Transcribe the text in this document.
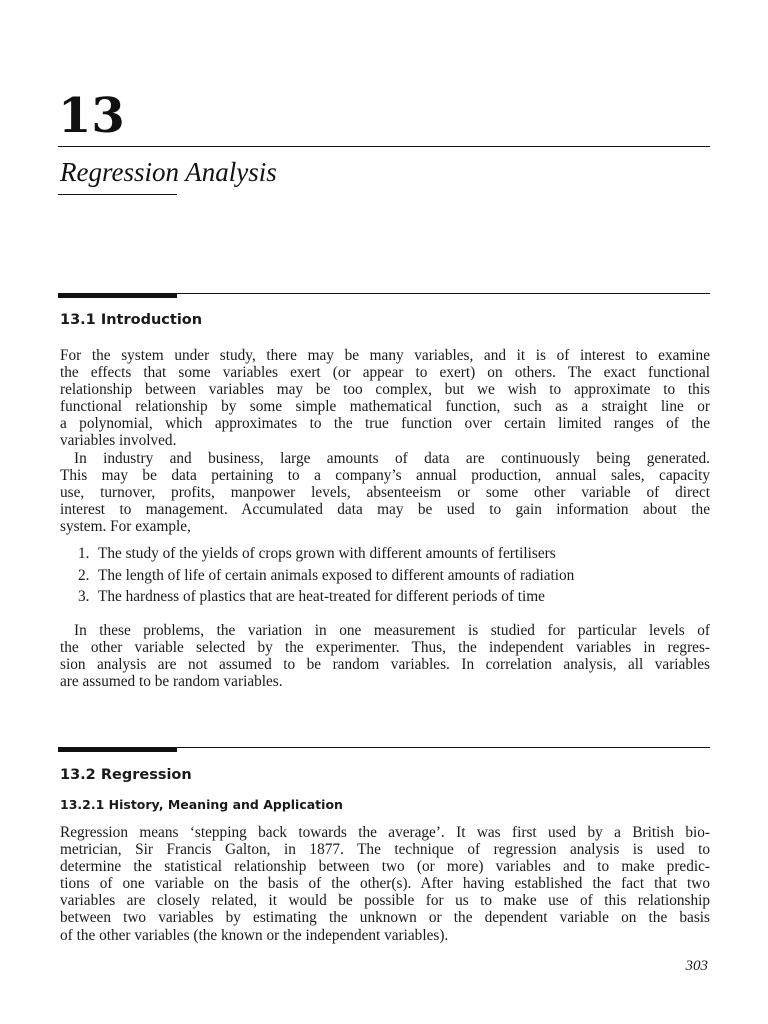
13
Regression Analysis
13.1 Introduction
For the system under study, there may be many variables, and it is of interest to examine
the effects that some variables exert (or appear to exert) on others. The exact functional
relationship between variables may be too complex, but we wish to approximate to this
functional relationship by some simple mathematical function, such as a straight line or
a polynomial, which approximates to the true function over certain limited ranges of the
variables involved.
In industry and business, large amounts of data are continuously being generated.
This may be data pertaining to a company’s annual production, annual sales, capacity
use, turnover, profits, manpower levels, absenteeism or some other variable of direct
interest to management. Accumulated data may be used to gain information about the
system. For example,
1. The study of the yields of crops grown with different amounts of fertilisers
2. The length of life of certain animals exposed to different amounts of radiation
3. The hardness of plastics that are heat-treated for different periods of time
In these problems, the variation in one measurement is studied for particular levels of
the other variable selected by the experimenter. Thus, the independent variables in regres-
sion analysis are not assumed to be random variables. In correlation analysis, all variables
are assumed to be random variables.
13.2 Regression
13.2.1 History, Meaning and Application
Regression means ‘stepping back towards the average’. It was first used by a British bio-
metrician, Sir Francis Galton, in 1877. The technique of regression analysis is used to
determine the statistical relationship between two (or more) variables and to make predic-
tions of one variable on the basis of the other(s). After having established the fact that two
variables are closely related, it would be possible for us to make use of this relationship
between two variables by estimating the unknown or the dependent variable on the basis
of the other variables (the known or the independent variables).
303
